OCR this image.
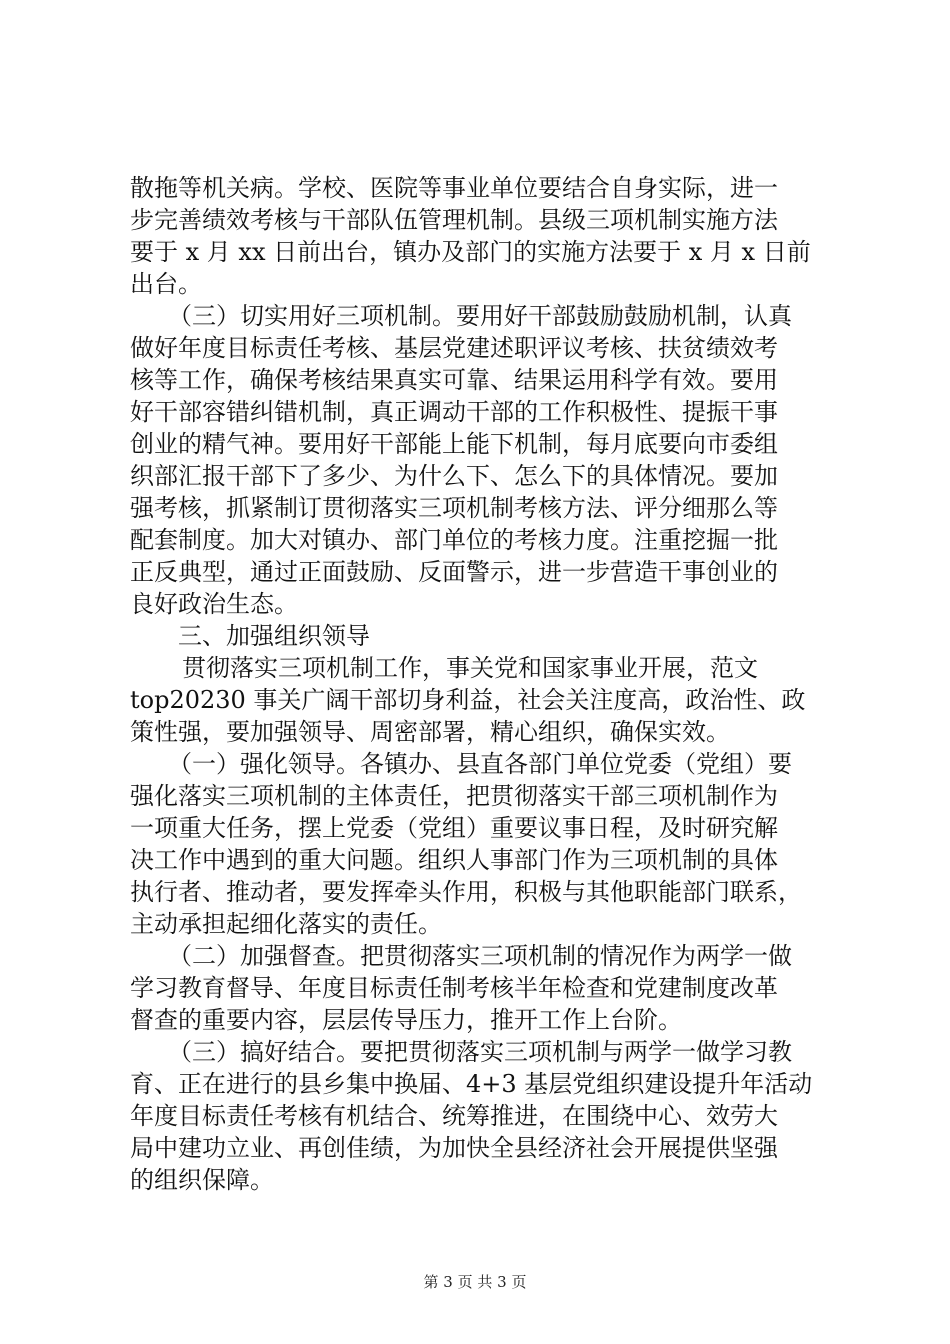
散拖等机关病。学校、医院等事业单位要结合自身实际，进一
步完善绩效考核与干部队伍管理机制。县级三项机制实施方法
要于 x 月 xx 日前出台，镇办及部门的实施方法要于 x 月 x 日前
出台。
（三）切实用好三项机制。要用好干部鼓励鼓励机制，认真
做好年度目标责任考核、基层党建述职评议考核、扶贫绩效考
核等工作，确保考核结果真实可靠、结果运用科学有效。要用
好干部容错纠错机制，真正调动干部的工作积极性、提振干事
创业的精气神。要用好干部能上能下机制，每月底要向市委组
织部汇报干部下了多少、为什么下、怎么下的具体情况。要加
强考核，抓紧制订贯彻落实三项机制考核方法、评分细那么等
配套制度。加大对镇办、部门单位的考核力度。注重挖掘一批
正反典型，通过正面鼓励、反面警示，进一步营造干事创业的
良好政治生态。
三、加强组织领导
贯彻落实三项机制工作，事关党和国家事业开展，范文
top20230 事关广阔干部切身利益，社会关注度高，政治性、政
策性强，要加强领导、周密部署，精心组织，确保实效。
（一）强化领导。各镇办、县直各部门单位党委（党组）要
强化落实三项机制的主体责任，把贯彻落实干部三项机制作为
一项重大任务，摆上党委（党组）重要议事日程，及时研究解
决工作中遇到的重大问题。组织人事部门作为三项机制的具体
执行者、推动者，要发挥牵头作用，积极与其他职能部门联系，
主动承担起细化落实的责任。
（二）加强督查。把贯彻落实三项机制的情况作为两学一做
学习教育督导、年度目标责任制考核半年检查和党建制度改革
督查的重要内容，层层传导压力，推开工作上台阶。
（三）搞好结合。要把贯彻落实三项机制与两学一做学习教
育、正在进行的县乡集中换届、4+3 基层党组织建设提升年活动
年度目标责任考核有机结合、统筹推进，在围绕中心、效劳大
局中建功立业、再创佳绩，为加快全县经济社会开展提供坚强
的组织保障。
第 3 页 共 3 页
